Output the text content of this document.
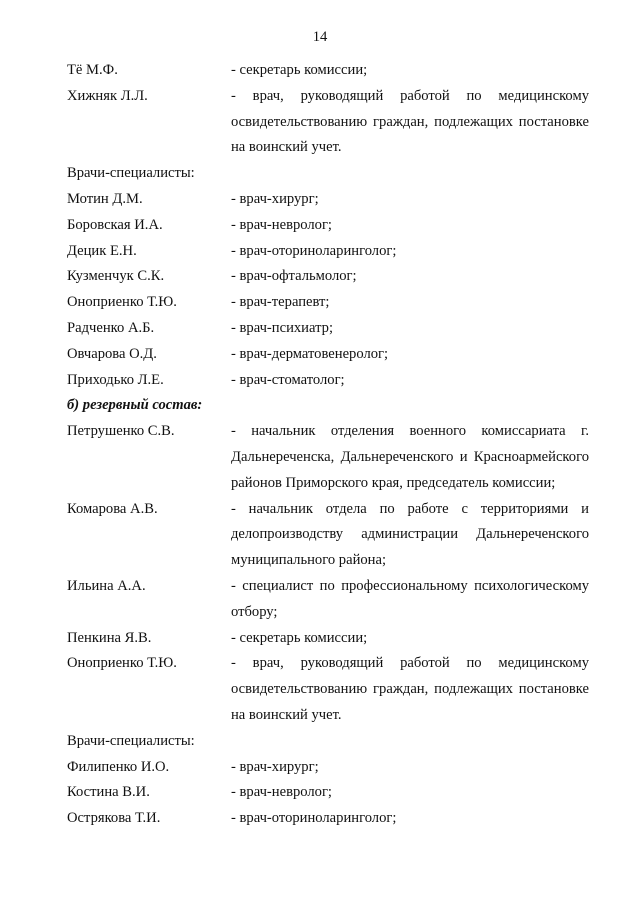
14
Тё М.Ф.	- секретарь комиссии;
Хижняк Л.Л.	- врач, руководящий работой по медицинскому освидетельствованию граждан, подлежащих постановке на воинский учет.
Врачи-специалисты:
Мотин Д.М.	- врач-хирург;
Боровская И.А.	- врач-невролог;
Децик Е.Н.	- врач-оториноларинголог;
Кузменчук С.К.	- врач-офтальмолог;
Оноприенко Т.Ю.	- врач-терапевт;
Радченко А.Б.	- врач-психиатр;
Овчарова О.Д.	- врач-дерматовенеролог;
Приходько Л.Е.	- врач-стоматолог;
б) резервный состав:
Петрушенко С.В.	- начальник отделения военного комиссариата г. Дальнереченска, Дальнереченского и Красноармейского районов Приморского края, председатель комиссии;
Комарова А.В.	- начальник отдела по работе с территориями и делопроизводству администрации Дальнереченского муниципального района;
Ильина А.А.	- специалист по профессиональному психологическому отбору;
Пенкина Я.В.	- секретарь комиссии;
Оноприенко Т.Ю.	- врач, руководящий работой по медицинскому освидетельствованию граждан, подлежащих постановке на воинский учет.
Врачи-специалисты:
Филипенко И.О.	- врач-хирург;
Костина В.И.	- врач-невролог;
Острякова Т.И.	- врач-оториноларинголог;
